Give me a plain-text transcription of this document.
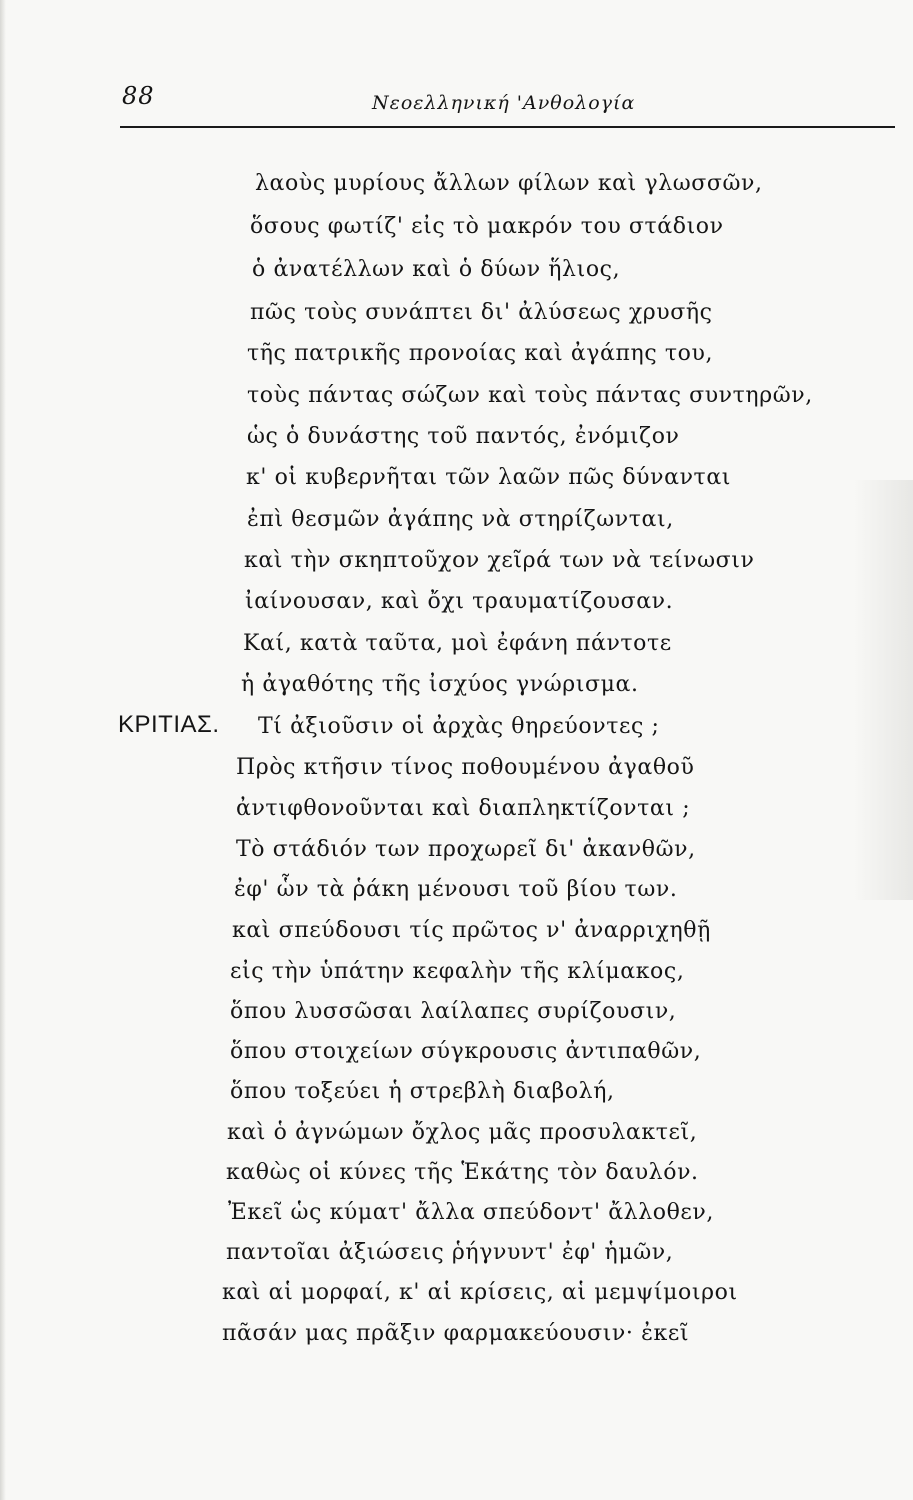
88	Νεοελληνική 'Ανθολογία
λαοὺς μυρίους ἄλλων φίλων καὶ γλωσσῶν,
ὅσους φωτίζ' εἰς τὸ μακρόν του στάδιον
ὁ ἀνατέλλων καὶ ὁ δύων ἥλιος,
πῶς τοὺς συνάπτει δι' ἀλύσεως χρυσῆς
τῆς πατρικῆς προνοίας καὶ ἀγάπης του,
τοὺς πάντας σώζων καὶ τοὺς πάντας συντηρῶν,
ὡς ὁ δυνάστης τοῦ παντός, ἐνόμιζον
κ' οἱ κυβερνῆται τῶν λαῶν πῶς δύνανται
ἐπὶ θεσμῶν ἀγάπης νὰ στηρίζωνται,
καὶ τὴν σκηπτοῦχον χεῖρά των νὰ τείνωσιν
ἰαίνουσαν, καὶ ὄχι τραυματίζουσαν.
Καί, κατὰ ταῦτα, μοὶ ἐφάνη πάντοτε
ἡ ἀγαθότης τῆς ἰσχύος γνώρισμα.
ΚΡΙΤΙΑΣ. Τί ἀξιοῦσιν οἱ ἀρχὰς θηρεύοντες ;
Πρὸς κτῆσιν τίνος ποθουμένου ἀγαθοῦ
ἀντιφθονοῦνται καὶ διαπληκτίζονται ;
Τὸ στάδιόν των προχωρεῖ δι' ἀκανθῶν,
ἐφ' ὧν τὰ ῥάκη μένουσι τοῦ βίου των.
καὶ σπεύδουσι τίς πρῶτος ν' ἀναρριχηθῇ
εἰς τὴν ὑπάτην κεφαλὴν τῆς κλίμακος,
ὅπου λυσσῶσαι λαίλαπες συρίζουσιν,
ὅπου στοιχείων σύγκρουσις ἀντιπαθῶν,
ὅπου τοξεύει ἡ στρεβλὴ διαβολή,
καὶ ὁ ἀγνώμων ὄχλος μᾶς προσυλακτεῖ,
καθὼς οἱ κύνες τῆς Ἑκάτης τὸν δαυλόν.
Ἐκεῖ ὡς κύματ' ἄλλα σπεύδοντ' ἄλλοθεν,
παντοῖαι ἀξιώσεις ῥήγνυντ' ἐφ' ἡμῶν,
καὶ αἱ μορφαί, κ' αἱ κρίσεις, αἱ μεμψίμοιροι
πᾶσάν μας πρᾶξιν φαρμακεύουσιν· ἐκεῖ
